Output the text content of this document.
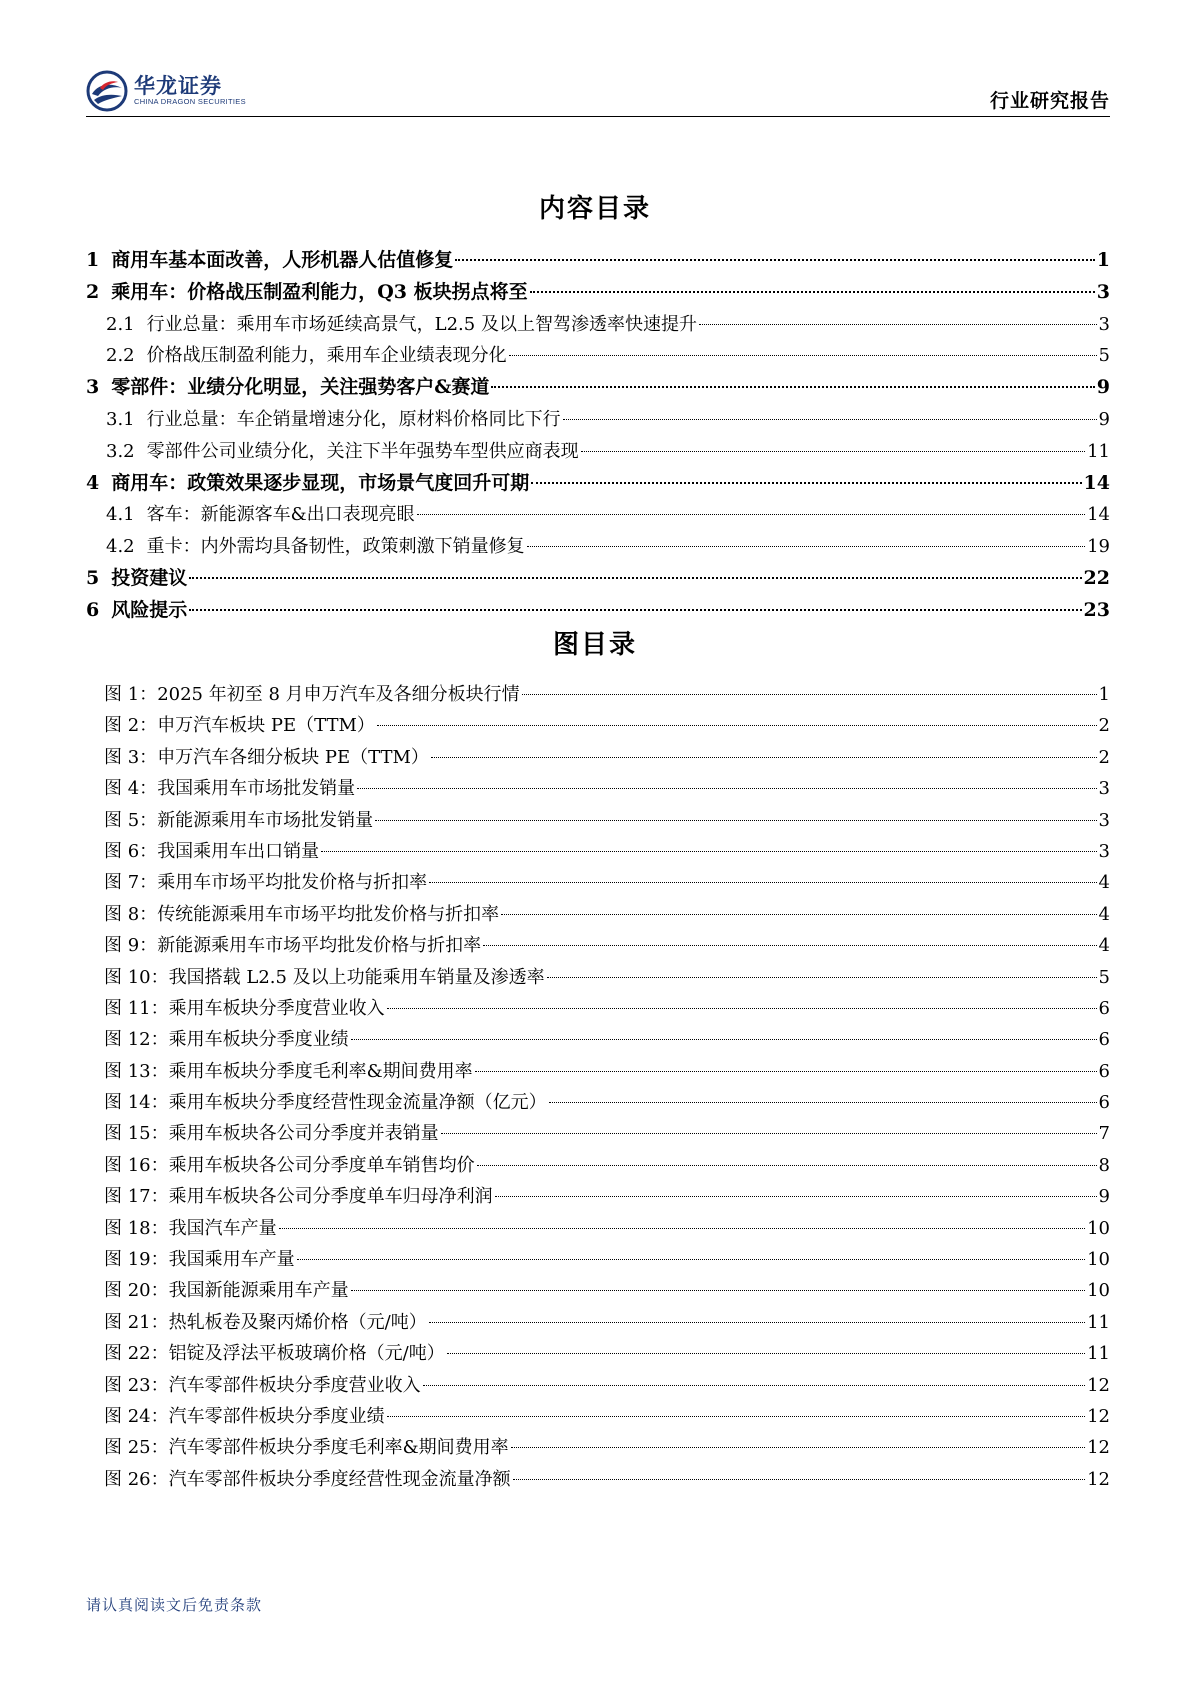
华龙证券
CHINA DRAGON SECURITIES	行业研究报告
内容目录
1 商用车基本面改善，人形机器人估值修复	1
2 乘用车：价格战压制盈利能力，Q3 板块拐点将至	3
2.1 行业总量：乘用车市场延续高景气，L2.5 及以上智驾渗透率快速提升	3
2.2 价格战压制盈利能力，乘用车企业绩表现分化	5
3 零部件：业绩分化明显，关注强势客户&赛道	9
3.1 行业总量：车企销量增速分化，原材料价格同比下行	9
3.2 零部件公司业绩分化，关注下半年强势车型供应商表现	11
4 商用车：政策效果逐步显现，市场景气度回升可期	14
4.1 客车：新能源客车&出口表现亮眼	14
4.2 重卡：内外需均具备韧性，政策刺激下销量修复	19
5 投资建议	22
6 风险提示	23
图目录
图 1： 2025 年初至 8 月申万汽车及各细分板块行情	1
图 2： 申万汽车板块 PE（TTM）	2
图 3： 申万汽车各细分板块 PE（TTM）	2
图 4： 我国乘用车市场批发销量	3
图 5： 新能源乘用车市场批发销量	3
图 6： 我国乘用车出口销量	3
图 7： 乘用车市场平均批发价格与折扣率	4
图 8： 传统能源乘用车市场平均批发价格与折扣率	4
图 9： 新能源乘用车市场平均批发价格与折扣率	4
图 10： 我国搭载 L2.5 及以上功能乘用车销量及渗透率	5
图 11： 乘用车板块分季度营业收入	6
图 12： 乘用车板块分季度业绩	6
图 13： 乘用车板块分季度毛利率&期间费用率	6
图 14： 乘用车板块分季度经营性现金流量净额（亿元）	6
图 15： 乘用车板块各公司分季度并表销量	7
图 16： 乘用车板块各公司分季度单车销售均价	8
图 17： 乘用车板块各公司分季度单车归母净利润	9
图 18： 我国汽车产量	10
图 19： 我国乘用车产量	10
图 20： 我国新能源乘用车产量	10
图 21： 热轧板卷及聚丙烯价格（元/吨）	11
图 22： 铝锭及浮法平板玻璃价格（元/吨）	11
图 23： 汽车零部件板块分季度营业收入	12
图 24： 汽车零部件板块分季度业绩	12
图 25： 汽车零部件板块分季度毛利率&期间费用率	12
图 26： 汽车零部件板块分季度经营性现金流量净额	12
请认真阅读文后免责条款
